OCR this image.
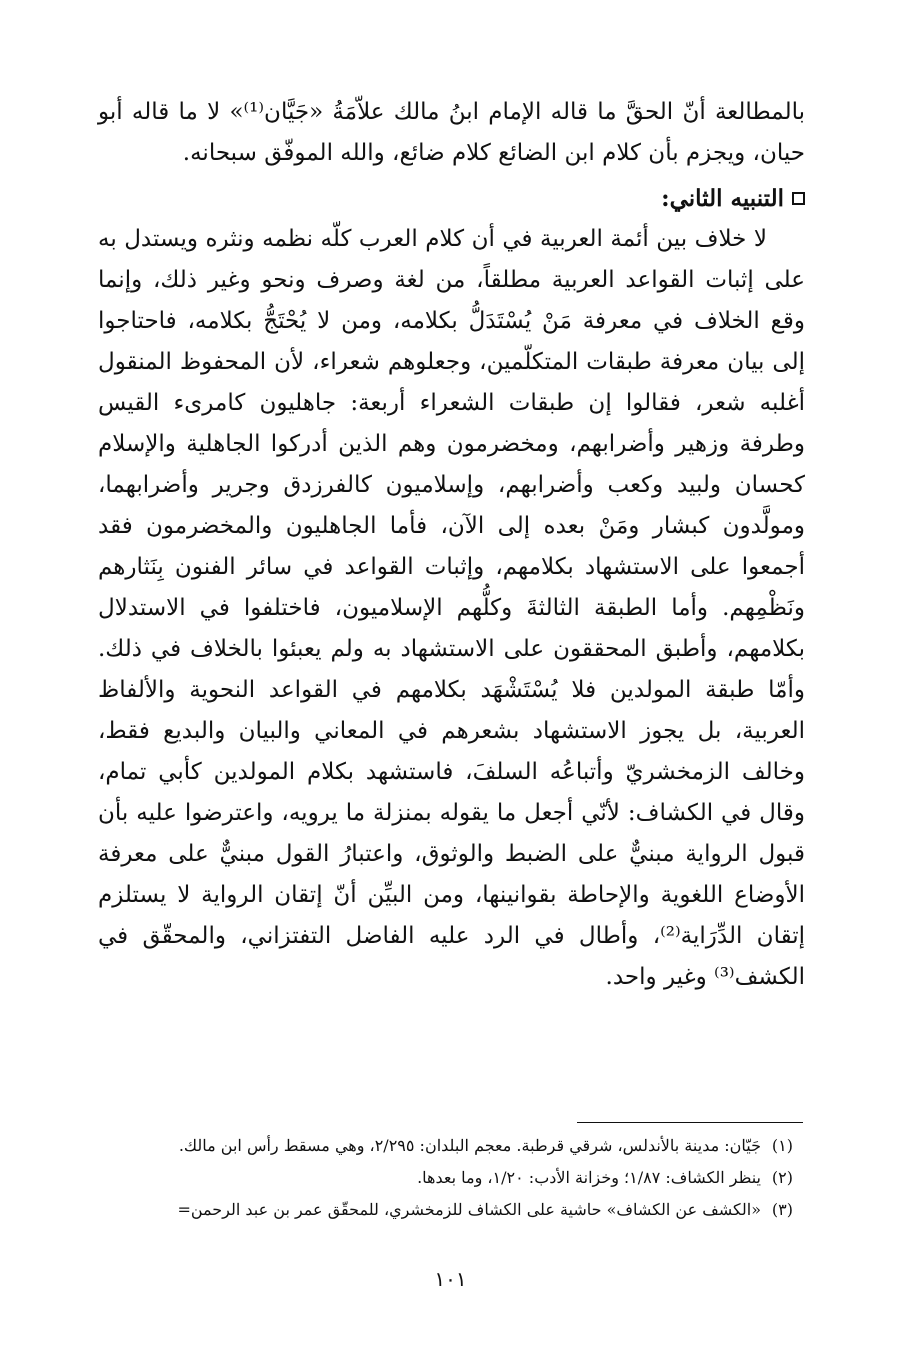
بالمطالعة أنّ الحقَّ ما قاله الإمام ابنُ مالك علاّمَةُ «جَيَّان⁽¹⁾» لا ما قاله أبو حيان، ويجزم بأن كلام ابن الضائع كلام ضائع، والله الموفّق سبحانه.

التنبيه الثاني:

لا خلاف بين أئمة العربية في أن كلام العرب كلّه نظمه ونثره ويستدل به على إثبات القواعد العربية مطلقاً، من لغة وصرف ونحو وغير ذلك، وإنما وقع الخلاف في معرفة مَنْ يُسْتَدَلُّ بكلامه، ومن لا يُحْتَجُّ بكلامه، فاحتاجوا إلى بيان معرفة طبقات المتكلّمين، وجعلوهم شعراء، لأن المحفوظ المنقول أغلبه شعر، فقالوا إن طبقات الشعراء أربعة: جاهليون كامرىء القيس وطرفة وزهير وأضرابهم، ومخضرمون وهم الذين أدركوا الجاهلية والإسلام كحسان ولبيد وكعب وأضرابهم، وإسلاميون كالفرزدق وجرير وأضرابهما، ومولَّدون كبشار ومَنْ بعده إلى الآن، فأما الجاهليون والمخضرمون فقد أجمعوا على الاستشهاد بكلامهم، وإثبات القواعد في سائر الفنون بِنَثارهم ونَظْمِهم. وأما الطبقة الثالثةَ وكلُّهم الإسلاميون، فاختلفوا في الاستدلال بكلامهم، وأطبق المحققون على الاستشهاد به ولم يعبئوا بالخلاف في ذلك. وأمّا طبقة المولدين فلا يُسْتَشْهَد بكلامهم في القواعد النحوية والألفاظ العربية، بل يجوز الاستشهاد بشعرهم في المعاني والبيان والبديع فقط، وخالف الزمخشريّ وأتباعُه السلفَ، فاستشهد بكلام المولدين كأبي تمام، وقال في الكشاف: لأنّي أجعل ما يقوله بمنزلة ما يرويه، واعترضوا عليه بأن قبول الرواية مبنيٌّ على الضبط والوثوق، واعتبارُ القول مبنيٌّ على معرفة الأوضاع اللغوية والإحاطة بقوانينها، ومن البيِّن أنّ إتقان الرواية لا يستلزم إتقان الدِّرَاية⁽²⁾، وأطال في الرد عليه الفاضل التفتزاني، والمحقّق في الكشف⁽³⁾ وغير واحد.

(١)
جَيّان: مدينة بالأندلس، شرقي قرطبة. معجم البلدان: ٢/٢٩٥، وهي مسقط رأس ابن مالك.
(٢)
ينظر الكشاف: ١/٨٧؛ وخزانة الأدب: ١/٢٠، وما بعدها.
(٣)
«الكشف عن الكشاف» حاشية على الكشاف للزمخشري، للمحقّق عمر بن عبد الرحمن=
١٠١
